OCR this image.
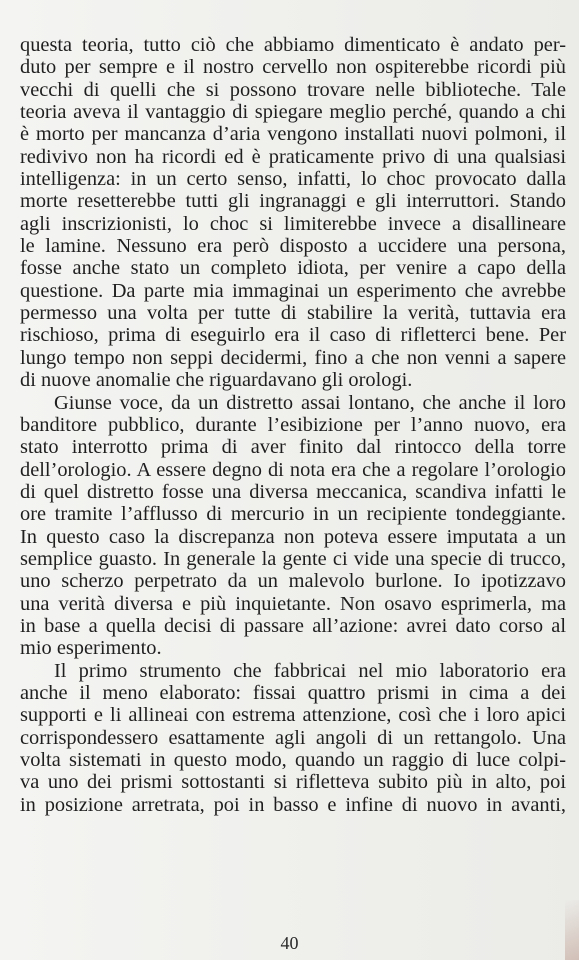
questa teoria, tutto ciò che abbiamo dimenticato è andato per-
duto per sempre e il nostro cervello non ospiterebbe ricordi più
vecchi di quelli che si possono trovare nelle biblioteche. Tale
teoria aveva il vantaggio di spiegare meglio perché, quando a chi
è morto per mancanza d’aria vengono installati nuovi polmoni, il
redivivo non ha ricordi ed è praticamente privo di una qualsiasi
intelligenza: in un certo senso, infatti, lo choc provocato dalla
morte resetterebbe tutti gli ingranaggi e gli interruttori. Stando
agli inscrizionisti, lo choc si limiterebbe invece a disallineare
le lamine. Nessuno era però disposto a uccidere una persona,
fosse anche stato un completo idiota, per venire a capo della
questione. Da parte mia immaginai un esperimento che avrebbe
permesso una volta per tutte di stabilire la verità, tuttavia era
rischioso, prima di eseguirlo era il caso di rifletterci bene. Per
lungo tempo non seppi decidermi, fino a che non venni a sapere
di nuove anomalie che riguardavano gli orologi.
Giunse voce, da un distretto assai lontano, che anche il loro
banditore pubblico, durante l’esibizione per l’anno nuovo, era
stato interrotto prima di aver finito dal rintocco della torre
dell’orologio. A essere degno di nota era che a regolare l’orologio
di quel distretto fosse una diversa meccanica, scandiva infatti le
ore tramite l’afflusso di mercurio in un recipiente tondeggiante.
In questo caso la discrepanza non poteva essere imputata a un
semplice guasto. In generale la gente ci vide una specie di trucco,
uno scherzo perpetrato da un malevolo burlone. Io ipotizzavo
una verità diversa e più inquietante. Non osavo esprimerla, ma
in base a quella decisi di passare all’azione: avrei dato corso al
mio esperimento.
Il primo strumento che fabbricai nel mio laboratorio era
anche il meno elaborato: fissai quattro prismi in cima a dei
supporti e li allineai con estrema attenzione, così che i loro apici
corrispondessero esattamente agli angoli di un rettangolo. Una
volta sistemati in questo modo, quando un raggio di luce colpi-
va uno dei prismi sottostanti si rifletteva subito più in alto, poi
in posizione arretrata, poi in basso e infine di nuovo in avanti,
40
